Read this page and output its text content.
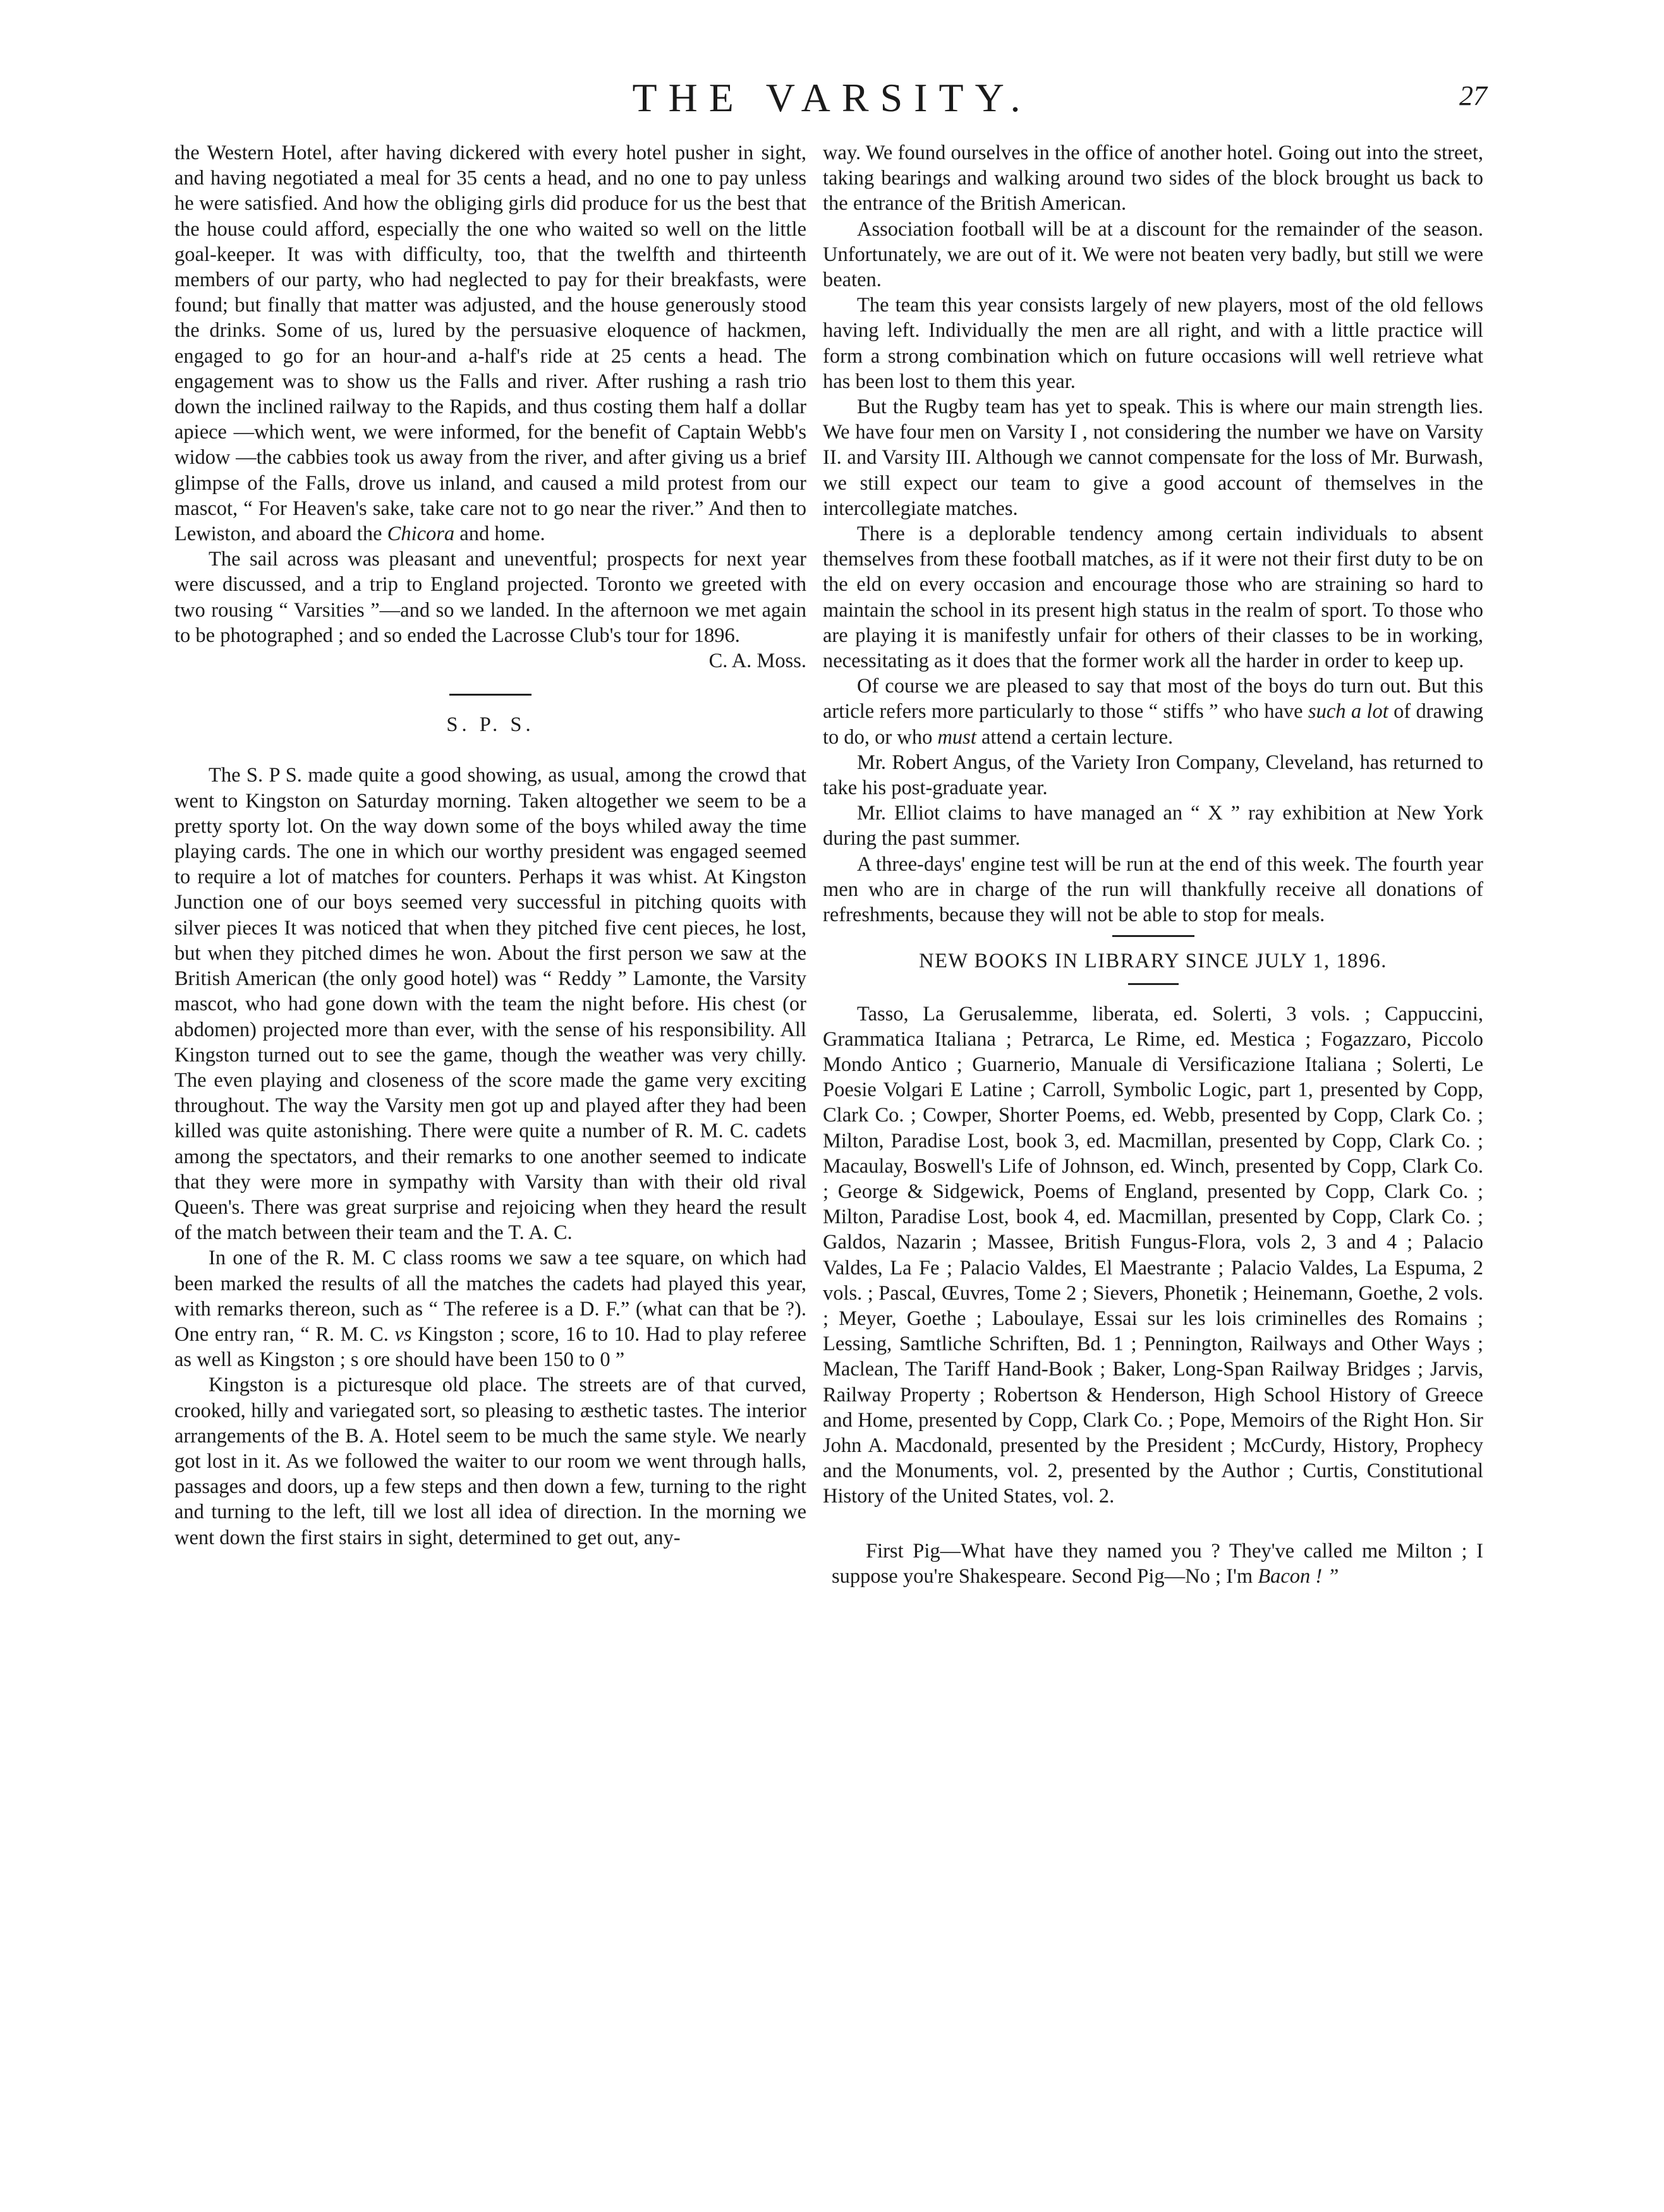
THE VARSITY.	27

the Western Hotel, after having dickered with every hotel pusher in sight, and having negotiated a meal for 35 cents a head, and no one to pay unless he were satisfied. And how the obliging girls did produce for us the best that the house could afford, especially the one who waited so well on the little goal-keeper. It was with difficulty, too, that the twelfth and thirteenth members of our party, who had neglected to pay for their breakfasts, were found; but finally that matter was adjusted, and the house generously stood the drinks. Some of us, lured by the persuasive eloquence of hackmen, engaged to go for an hour-and a-half's ride at 25 cents a head. The engagement was to show us the Falls and river. After rushing a rash trio down the inclined railway to the Rapids, and thus costing them half a dollar apiece —which went, we were informed, for the benefit of Captain Webb's widow —the cabbies took us away from the river, and after giving us a brief glimpse of the Falls, drove us inland, and caused a mild protest from our mascot, “ For Heaven's sake, take care not to go near the river.” And then to Lewiston, and aboard the Chicora and home.

The sail across was pleasant and uneventful; prospects for next year were discussed, and a trip to England projected. Toronto we greeted with two rousing “ Varsities ”—and so we landed. In the afternoon we met again to be photographed ; and so ended the Lacrosse Club's tour for 1896.

C. A. Moss.

S. P. S.

The S. P S. made quite a good showing, as usual, among the crowd that went to Kingston on Saturday morning. Taken altogether we seem to be a pretty sporty lot. On the way down some of the boys whiled away the time playing cards. The one in which our worthy president was engaged seemed to require a lot of matches for counters. Perhaps it was whist. At Kingston Junction one of our boys seemed very successful in pitching quoits with silver pieces It was noticed that when they pitched five cent pieces, he lost, but when they pitched dimes he won. About the first person we saw at the British American (the only good hotel) was “ Reddy ” Lamonte, the Varsity mascot, who had gone down with the team the night before. His chest (or abdomen) projected more than ever, with the sense of his responsibility. All Kingston turned out to see the game, though the weather was very chilly. The even playing and closeness of the score made the game very exciting throughout. The way the Varsity men got up and played after they had been killed was quite astonishing. There were quite a number of R. M. C. cadets among the spectators, and their remarks to one another seemed to indicate that they were more in sympathy with Varsity than with their old rival Queen's. There was great surprise and rejoicing when they heard the result of the match between their team and the T. A. C.

In one of the R. M. C class rooms we saw a tee square, on which had been marked the results of all the matches the cadets had played this year, with remarks thereon, such as “ The referee is a D. F.” (what can that be ?). One entry ran, “ R. M. C. vs Kingston ; score, 16 to 10. Had to play referee as well as Kingston ; s ore should have been 150 to 0 ”

Kingston is a picturesque old place. The streets are of that curved, crooked, hilly and variegated sort, so pleasing to æsthetic tastes. The interior arrangements of the B. A. Hotel seem to be much the same style. We nearly got lost in it. As we followed the waiter to our room we went through halls, passages and doors, up a few steps and then down a few, turning to the right and turning to the left, till we lost all idea of direction. In the morning we went down the first stairs in sight, determined to get out, any-

way. We found ourselves in the office of another hotel. Going out into the street, taking bearings and walking around two sides of the block brought us back to the entrance of the British American.

Association football will be at a discount for the remainder of the season. Unfortunately, we are out of it. We were not beaten very badly, but still we were beaten.

The team this year consists largely of new players, most of the old fellows having left. Individually the men are all right, and with a little practice will form a strong combination which on future occasions will well retrieve what has been lost to them this year.

But the Rugby team has yet to speak. This is where our main strength lies. We have four men on Varsity I , not considering the number we have on Varsity II. and Varsity III. Although we cannot compensate for the loss of Mr. Burwash, we still expect our team to give a good account of themselves in the intercollegiate matches.

There is a deplorable tendency among certain individuals to absent themselves from these football matches, as if it were not their first duty to be on the eld on every occasion and encourage those who are straining so hard to maintain the school in its present high status in the realm of sport. To those who are playing it is manifestly unfair for others of their classes to be in working, necessitating as it does that the former work all the harder in order to keep up.

Of course we are pleased to say that most of the boys do turn out. But this article refers more particularly to those “ stiffs ” who have such a lot of drawing to do, or who must attend a certain lecture.

Mr. Robert Angus, of the Variety Iron Company, Cleveland, has returned to take his post-graduate year.

Mr. Elliot claims to have managed an “ X ” ray exhibition at New York during the past summer.

A three-days' engine test will be run at the end of this week. The fourth year men who are in charge of the run will thankfully receive all donations of refreshments, because they will not be able to stop for meals.

NEW BOOKS IN LIBRARY SINCE JULY 1, 1896.

Tasso, La Gerusalemme, liberata, ed. Solerti, 3 vols. ; Cappuccini, Grammatica Italiana ; Petrarca, Le Rime, ed. Mestica ; Fogazzaro, Piccolo Mondo Antico ; Guarnerio, Manuale di Versificazione Italiana ; Solerti, Le Poesie Volgari E Latine ; Carroll, Symbolic Logic, part 1, presented by Copp, Clark Co. ; Cowper, Shorter Poems, ed. Webb, presented by Copp, Clark Co. ; Milton, Paradise Lost, book 3, ed. Macmillan, presented by Copp, Clark Co. ; Macaulay, Boswell's Life of Johnson, ed. Winch, presented by Copp, Clark Co. ; George & Sidgewick, Poems of England, presented by Copp, Clark Co. ; Milton, Paradise Lost, book 4, ed. Macmillan, presented by Copp, Clark Co. ; Galdos, Nazarin ; Massee, British Fungus-Flora, vols 2, 3 and 4 ; Palacio Valdes, La Fe ; Palacio Valdes, El Maestrante ; Palacio Valdes, La Espuma, 2 vols. ; Pascal, Œuvres, Tome 2 ; Sievers, Phonetik ; Heinemann, Goethe, 2 vols. ; Meyer, Goethe ; Laboulaye, Essai sur les lois criminelles des Romains ; Lessing, Samtliche Schriften, Bd. 1 ; Pennington, Railways and Other Ways ; Maclean, The Tariff Hand-Book ; Baker, Long-Span Railway Bridges ; Jarvis, Railway Property ; Robertson & Henderson, High School History of Greece and Home, presented by Copp, Clark Co. ; Pope, Memoirs of the Right Hon. Sir John A. Macdonald, presented by the President ; McCurdy, History, Prophecy and the Monuments, vol. 2, presented by the Author ; Curtis, Constitutional History of the United States, vol. 2.

First Pig—What have they named you ? They've called me Milton ; I suppose you're Shakespeare. Second Pig—No ; I'm Bacon ! ”
